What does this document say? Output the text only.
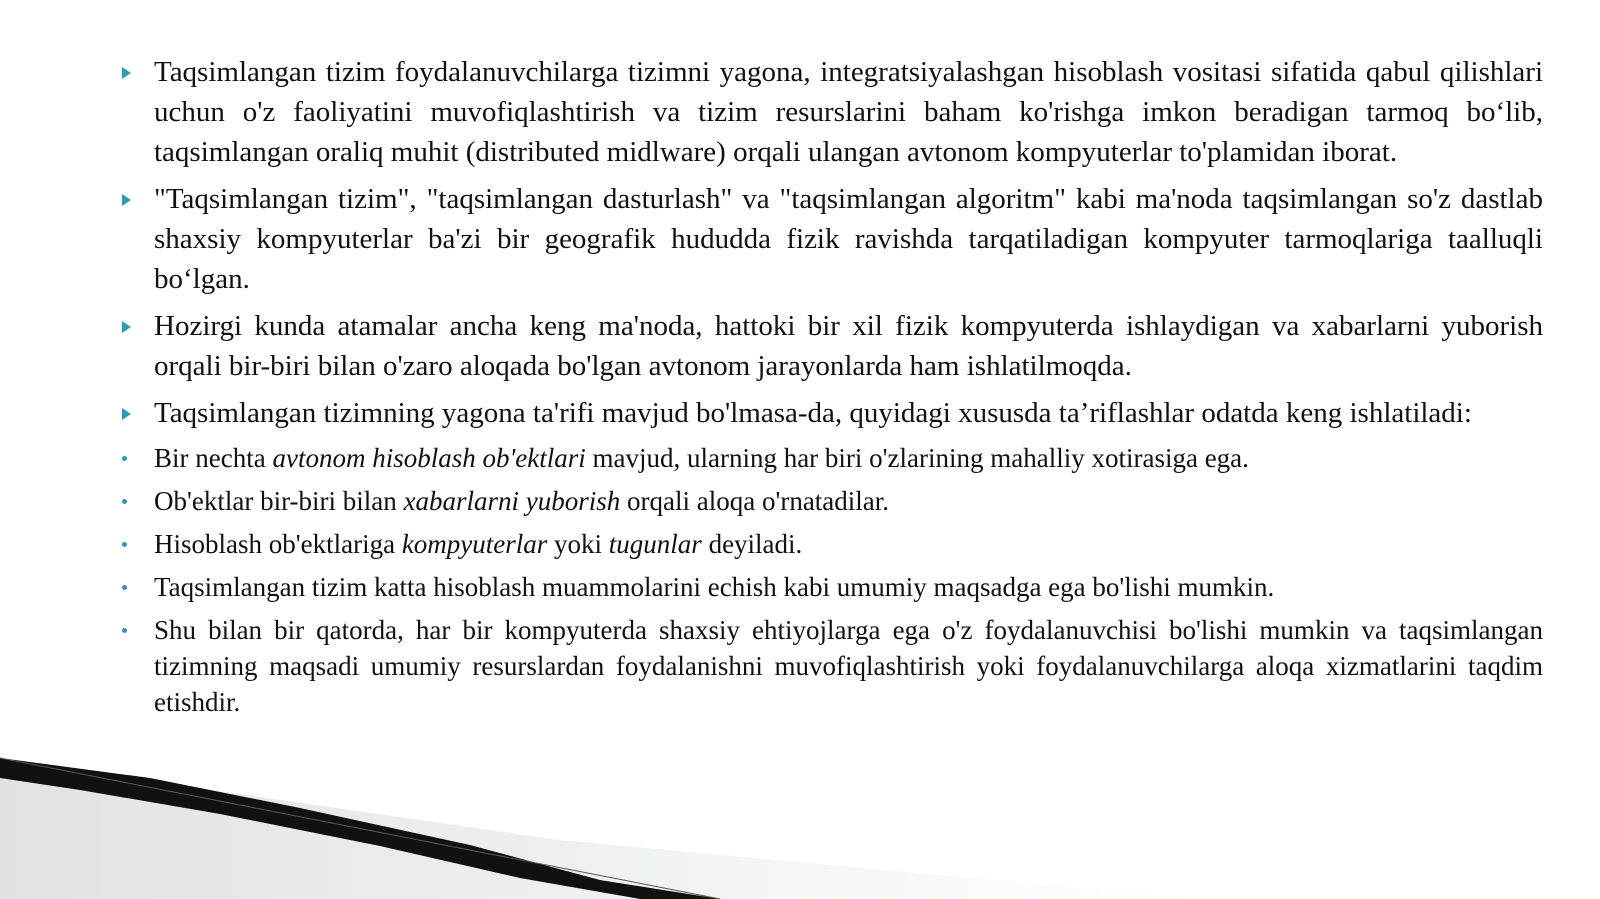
Taqsimlangan tizim foydalanuvchilarga tizimni yagona, integratsiyalashgan hisoblash vositasi sifatida qabul qilishlari uchun o'z faoliyatini muvofiqlashtirish va tizim resurslarini baham ko'rishga imkon beradigan tarmoq bo‘lib, taqsimlangan oraliq muhit (distributed midlware) orqali ulangan avtonom kompyuterlar to'plamidan iborat.
"Taqsimlangan tizim", "taqsimlangan dasturlash" va "taqsimlangan algoritm" kabi ma'noda taqsimlangan so'z dastlab shaxsiy kompyuterlar ba'zi bir geografik hududda fizik ravishda tarqatiladigan kompyuter tarmoqlariga taalluqli bo‘lgan.
Hozirgi kunda atamalar ancha keng ma'noda, hattoki bir xil fizik kompyuterda ishlaydigan va xabarlarni yuborish orqali bir-biri bilan o'zaro aloqada bo'lgan avtonom jarayonlarda ham ishlatilmoqda.
Taqsimlangan tizimning yagona ta'rifi mavjud bo'lmasa-da, quyidagi xususda ta’riflashlar odatda keng ishlatiladi:
Bir nechta avtonom hisoblash ob'ektlari mavjud, ularning har biri o'zlarining mahalliy xotirasiga ega.
Ob'ektlar bir-biri bilan xabarlarni yuborish orqali aloqa o'rnatadilar.
Hisoblash ob'ektlariga kompyuterlar yoki tugunlar deyiladi.
Taqsimlangan tizim katta hisoblash muammolarini echish kabi umumiy maqsadga ega bo'lishi mumkin.
Shu bilan bir qatorda, har bir kompyuterda shaxsiy ehtiyojlarga ega o'z foydalanuvchisi bo'lishi mumkin va taqsimlangan tizimning maqsadi umumiy resurslardan foydalanishni muvofiqlashtirish yoki foydalanuvchilarga aloqa xizmatlarini taqdim etishdir.
